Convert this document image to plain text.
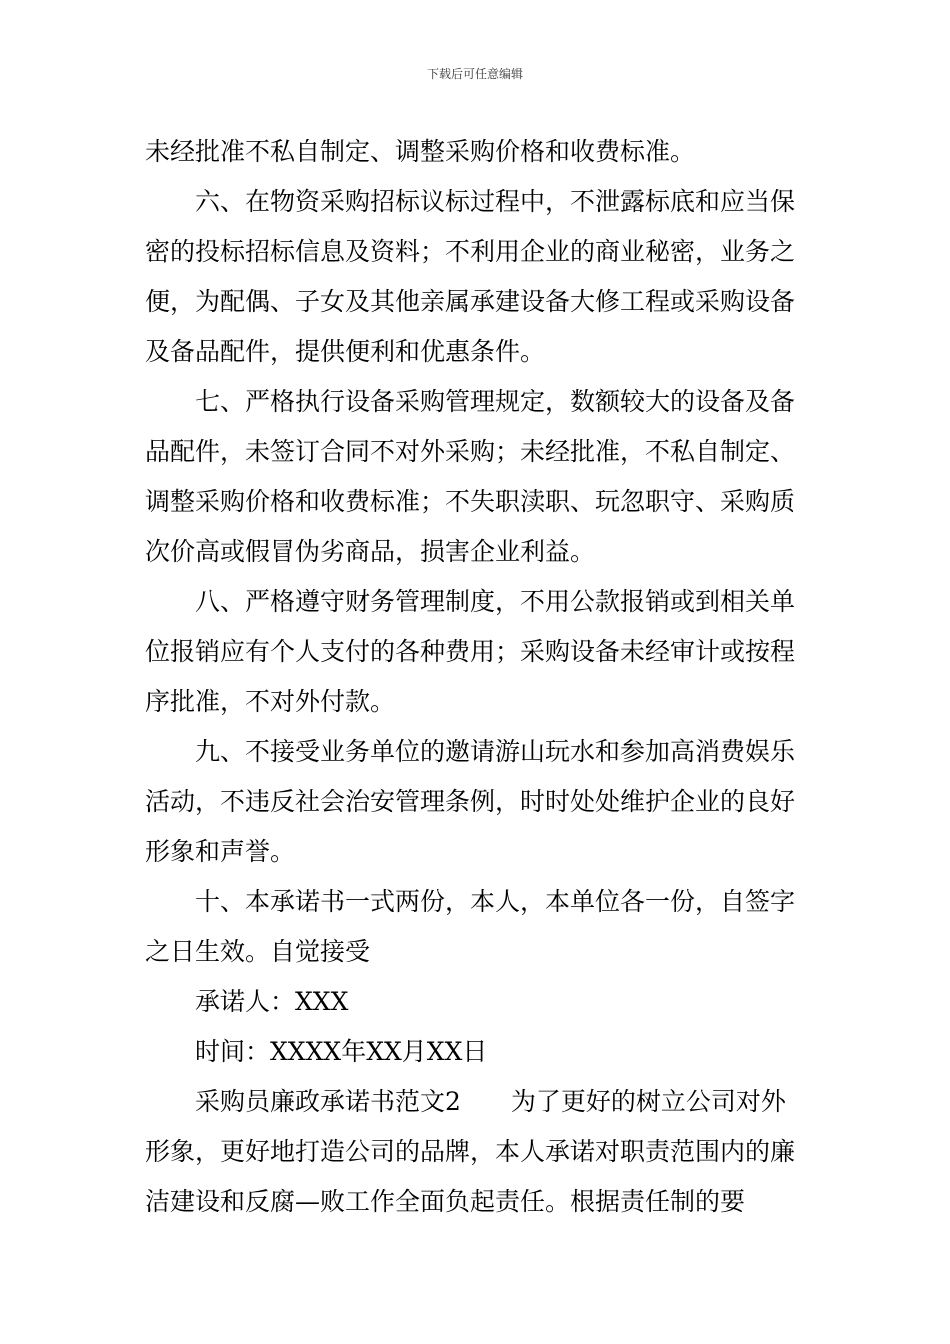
下载后可任意编辑

未经批准不私自制定、调整采购价格和收费标准。

六、在物资采购招标议标过程中，不泄露标底和应当保密的投标招标信息及资料；不利用企业的商业秘密，业务之便，为配偶、子女及其他亲属承建设备大修工程或采购设备及备品配件，提供便利和优惠条件。

七、严格执行设备采购管理规定，数额较大的设备及备品配件，未签订合同不对外采购；未经批准，不私自制定、调整采购价格和收费标准；不失职渎职、玩忽职守、采购质次价高或假冒伪劣商品，损害企业利益。

八、严格遵守财务管理制度，不用公款报销或到相关单位报销应有个人支付的各种费用；采购设备未经审计或按程序批准，不对外付款。

九、不接受业务单位的邀请游山玩水和参加高消费娱乐活动，不违反社会治安管理条例，时时处处维护企业的良好形象和声誉。

十、本承诺书一式两份，本人，本单位各一份，自签字之日生效。自觉接受

承诺人：XXX

时间：XXXX年XX月XX日

采购员廉政承诺书范文2 为了更好的树立公司对外形象，更好地打造公司的品牌，本人承诺对职责范围内的廉洁建设和反腐—败工作全面负起责任。根据责任制的要
